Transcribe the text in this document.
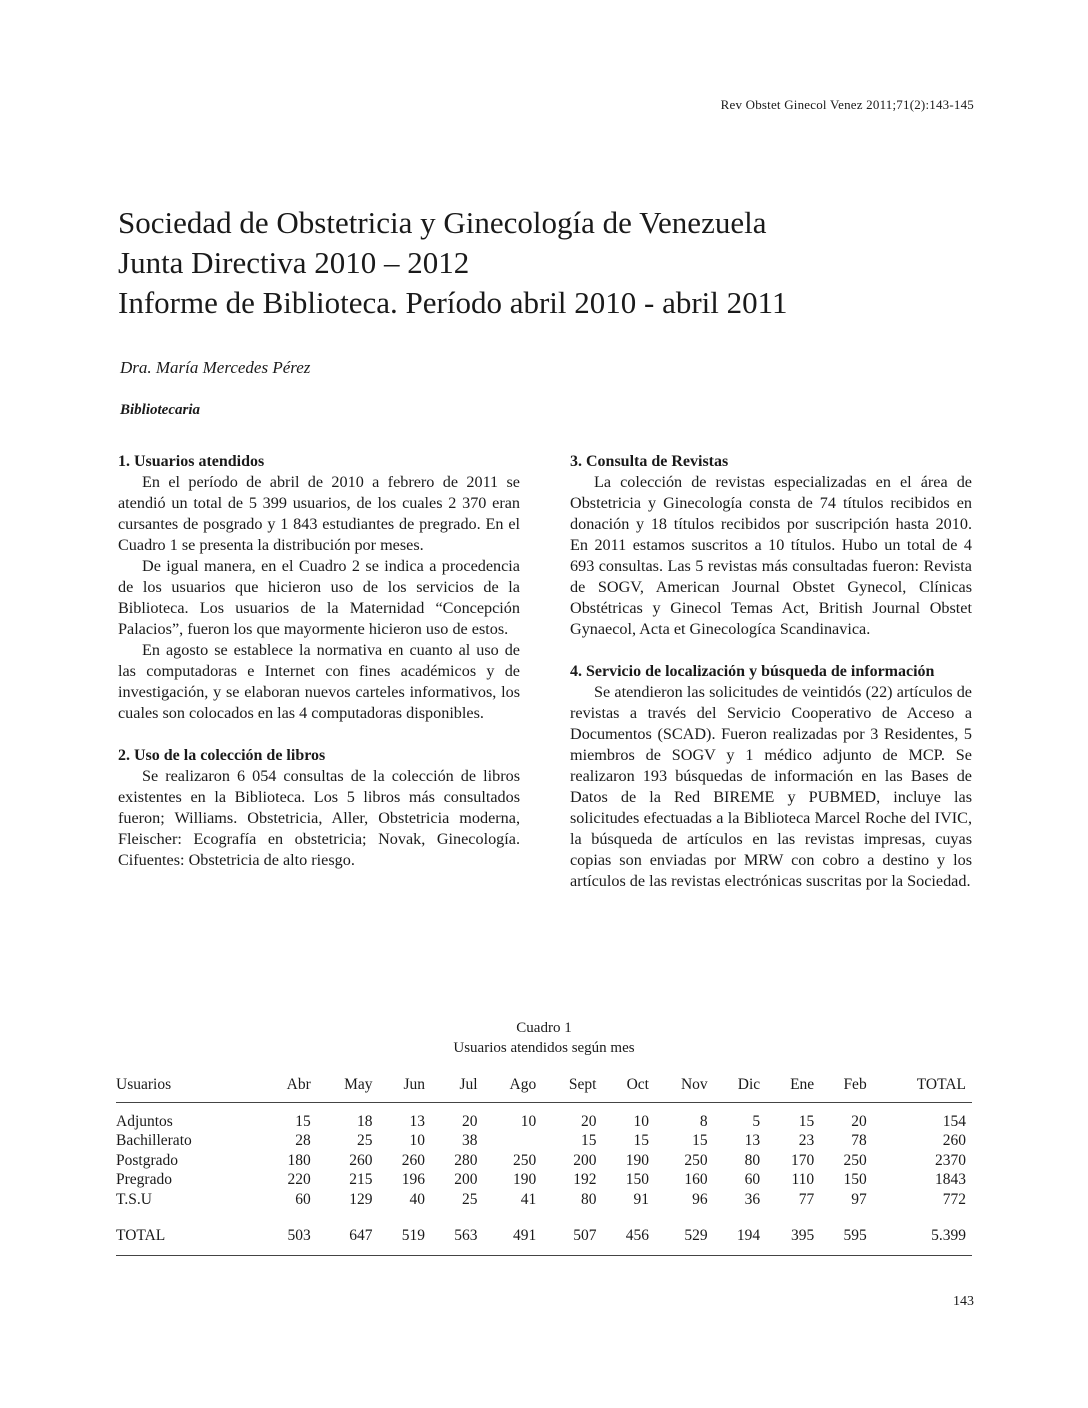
Rev Obstet Ginecol Venez 2011;71(2):143-145
Sociedad de Obstetricia y Ginecología de Venezuela
Junta Directiva 2010 – 2012
Informe de Biblioteca. Período abril 2010 - abril 2011
Dra. María Mercedes Pérez
Bibliotecaria
1. Usuarios atendidos

En el período de abril de 2010 a febrero de 2011 se atendió un total de 5 399 usuarios, de los cuales 2 370 eran cursantes de posgrado y 1 843 estudiantes de pregrado. En el Cuadro 1 se presenta la distribución por meses.

De igual manera, en el Cuadro 2 se indica a procedencia de los usuarios que hicieron uso de los servicios de la Biblioteca. Los usuarios de la Maternidad “Concepción Palacios”, fueron los que mayormente hicieron uso de estos.

En agosto se establece la normativa en cuanto al uso de las computadoras e Internet con fines académicos y de investigación, y se elaboran nuevos carteles informativos, los cuales son colocados en las 4 computadoras disponibles.

2. Uso de la colección de libros

Se realizaron 6 054 consultas de la colección de libros existentes en la Biblioteca. Los 5 libros más consultados fueron; Williams. Obstetricia, Aller, Obstetricia moderna, Fleischer: Ecografía en obstetricia; Novak, Ginecología. Cifuentes: Obstetricia de alto riesgo.

3. Consulta de Revistas

La colección de revistas especializadas en el área de Obstetricia y Ginecología consta de 74 títulos recibidos en donación y 18 títulos recibidos por suscripción hasta 2010. En 2011 estamos suscritos a 10 títulos. Hubo un total de 4 693 consultas. Las 5 revistas más consultadas fueron: Revista de SOGV, American Journal Obstet Gynecol, Clínicas Obstétricas y Ginecol Temas Act, British Journal Obstet Gynaecol, Acta et Ginecologíca Scandinavica.

4. Servicio de localización y búsqueda de información

Se atendieron las solicitudes de veintidós (22) artículos de revistas a través del Servicio Cooperativo de Acceso a Documentos (SCAD). Fueron realizadas por 3 Residentes, 5 miembros de SOGV y 1 médico adjunto de MCP. Se realizaron 193 búsquedas de información en las Bases de Datos de la Red BIREME y PUBMED, incluye las solicitudes efectuadas a la Biblioteca Marcel Roche del IVIC, la búsqueda de artículos en las revistas impresas, cuyas copias son enviadas por MRW con cobro a destino y los artículos de las revistas electrónicas suscritas por la Sociedad.

Cuadro 1
Usuarios atendidos según mes
Usuarios	Abr	May	Jun	Jul	Ago	Sept	Oct	Nov	Dic	Ene	Feb	TOTAL
Adjuntos	15	18	13	20	10	20	10	8	5	15	20	154
Bachillerato	28	25	10	38		15	15	15	13	23	78	260
Postgrado	180	260	260	280	250	200	190	250	80	170	250	2370
Pregrado	220	215	196	200	190	192	150	160	60	110	150	1843
T.S.U	60	129	40	25	41	80	91	96	36	77	97	772
TOTAL	503	647	519	563	491	507	456	529	194	395	595	5.399
143
